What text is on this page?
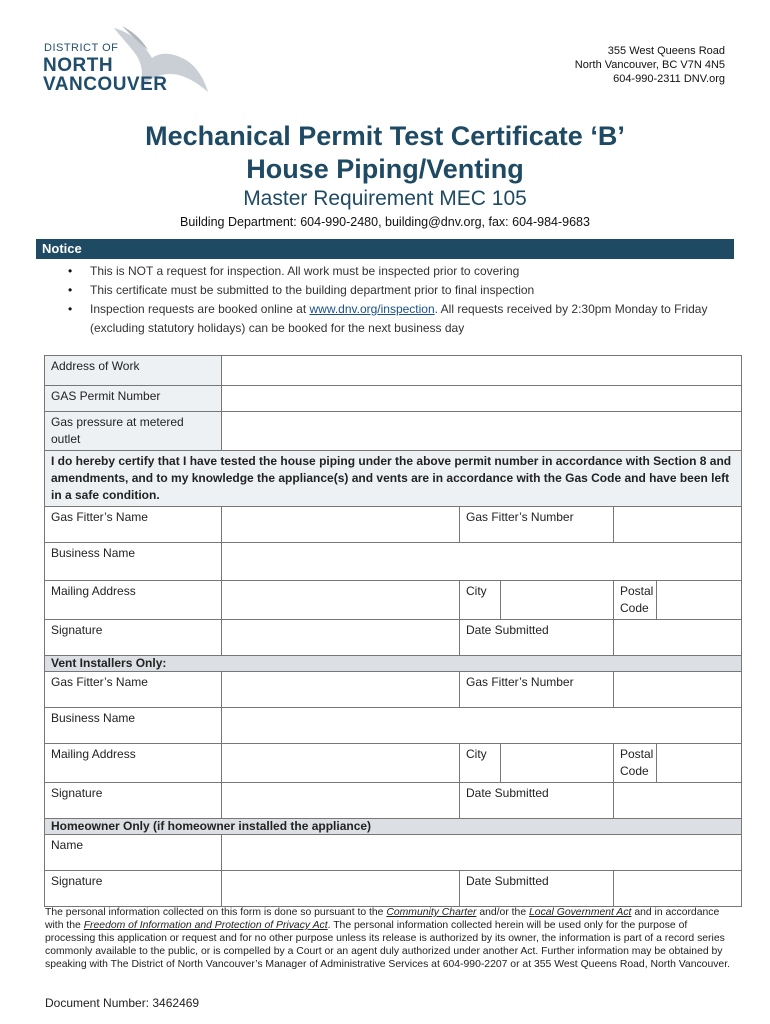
DISTRICT OF
NORTH
VANCOUVER
355 West Queens Road
North Vancouver, BC V7N 4N5
604-990-2311 DNV.org
Mechanical Permit Test Certificate ‘B’
House Piping/Venting
Master Requirement MEC 105
Building Department: 604-990-2480, building@dnv.org, fax: 604-984-9683
Notice
• This is NOT a request for inspection. All work must be inspected prior to covering
• This certificate must be submitted to the building department prior to final inspection
• Inspection requests are booked online at www.dnv.org/inspection. All requests received by 2:30pm Monday to Friday (excluding statutory holidays) can be booked for the next business day
Address of Work					
GAS Permit Number					
Gas pressure at metered outlet					
I do hereby certify that I have tested the house piping under the above permit number in accordance with Section 8 and amendments, and to my knowledge the appliance(s) and vents are in accordance with the Gas Code and have been left in a safe condition.					
Gas Fitter’s Name		Gas Fitter’s Number			
Business Name					
Mailing Address		City		Postal Code	
Signature		Date Submitted			
Vent Installers Only:					
Gas Fitter’s Name		Gas Fitter’s Number			
Business Name					
Mailing Address		City		Postal Code	
Signature		Date Submitted			
Homeowner Only (if homeowner installed the appliance)					
Name					
Signature		Date Submitted			
The personal information collected on this form is done so pursuant to the Community Charter and/or the Local Government Act and in accordance with the Freedom of Information and Protection of Privacy Act. The personal information collected herein will be used only for the purpose of processing this application or request and for no other purpose unless its release is authorized by its owner, the information is part of a record series commonly available to the public, or is compelled by a Court or an agent duly authorized under another Act. Further information may be obtained by speaking with The District of North Vancouver’s Manager of Administrative Services at 604-990-2207 or at 355 West Queens Road, North Vancouver.
Document Number: 3462469
